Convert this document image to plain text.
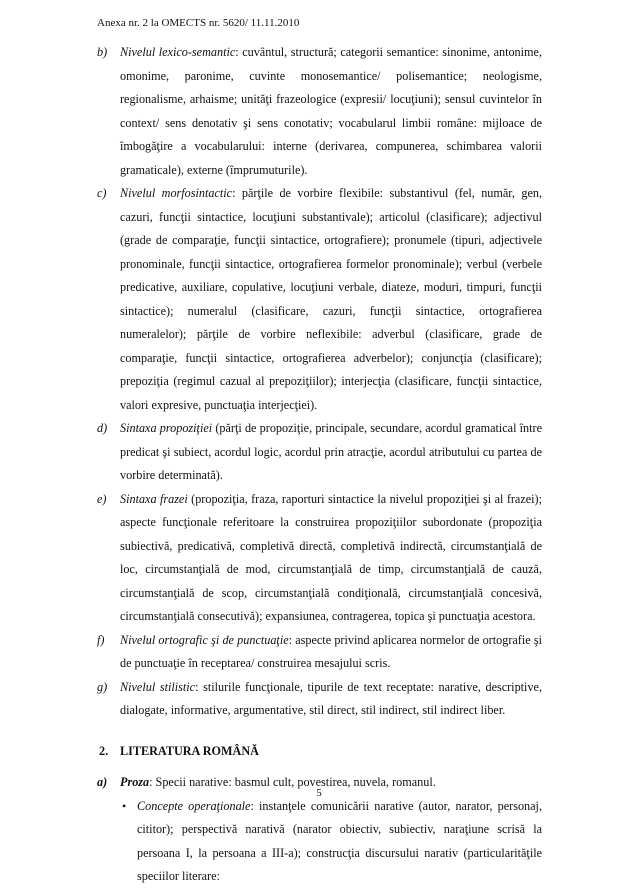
Anexa nr. 2 la OMECTS nr. 5620/ 11.11.2010
b) Nivelul lexico-semantic: cuvântul, structură; categorii semantice: sinonime, antonime, omonime, paronime, cuvinte monosemantice/ polisemantice; neologisme, regionalisme, arhaisme; unităţi frazeologice (expresii/ locuţiuni); sensul cuvintelor în context/ sens denotativ şi sens conotativ; vocabularul limbii române: mijloace de îmbogăţire a vocabularului: interne (derivarea, compunerea, schimbarea valorii gramaticale), externe (împrumuturile).
c) Nivelul morfosintactic: părţile de vorbire flexibile: substantivul (fel, număr, gen, cazuri, funcţii sintactice, locuţiuni substantivale); articolul (clasificare); adjectivul (grade de comparaţie, funcţii sintactice, ortografiere); pronumele (tipuri, adjectivele pronominale, funcţii sintactice, ortografierea formelor pronominale); verbul (verbele predicative, auxiliare, copulative, locuţiuni verbale, diateze, moduri, timpuri, funcţii sintactice); numeralul (clasificare, cazuri, funcţii sintactice, ortografierea numeralelor); părţile de vorbire neflexibile: adverbul (clasificare, grade de comparaţie, funcţii sintactice, ortografierea adverbelor); conjuncţia (clasificare); prepoziţia (regimul cazual al prepoziţiilor); interjecţia (clasificare, funcţii sintactice, valori expresive, punctuaţia interjecţiei).
d) Sintaxa propoziţiei (părţi de propoziţie, principale, secundare, acordul gramatical între predicat şi subiect, acordul logic, acordul prin atracţie, acordul atributului cu partea de vorbire determinată).
e) Sintaxa frazei (propoziţia, fraza, raporturi sintactice la nivelul propoziţiei şi al frazei); aspecte funcţionale referitoare la construirea propoziţiilor subordonate (propoziţia subiectivă, predicativă, completivă directă, completivă indirectă, circumstanţială de loc, circumstanţială de mod, circumstanţială de timp, circumstanţială de cauză, circumstanţială de scop, circumstanţială condiţională, circumstanţială concesivă, circumstanţială consecutivă); expansiunea, contragerea, topica şi punctuaţia acestora.
f) Nivelul ortografic şi de punctuaţie: aspecte privind aplicarea normelor de ortografie şi de punctuaţie în receptarea/ construirea mesajului scris.
g) Nivelul stilistic: stilurile funcţionale, tipurile de text receptate: narative, descriptive, dialogate, informative, argumentative, stil direct, stil indirect, stil indirect liber.
2. LITERATURA ROMÂNĂ
a) Proza: Specii narative: basmul cult, povestirea, nuvela, romanul.
• Concepte operaţionale: instanţele comunicării narative (autor, narator, personaj, cititor); perspectivă narativă (narator obiectiv, subiectiv, naraţiune scrisă la persoana I, la persoana a III-a); construcţia discursului narativ (particularităţile speciilor literare:
5
